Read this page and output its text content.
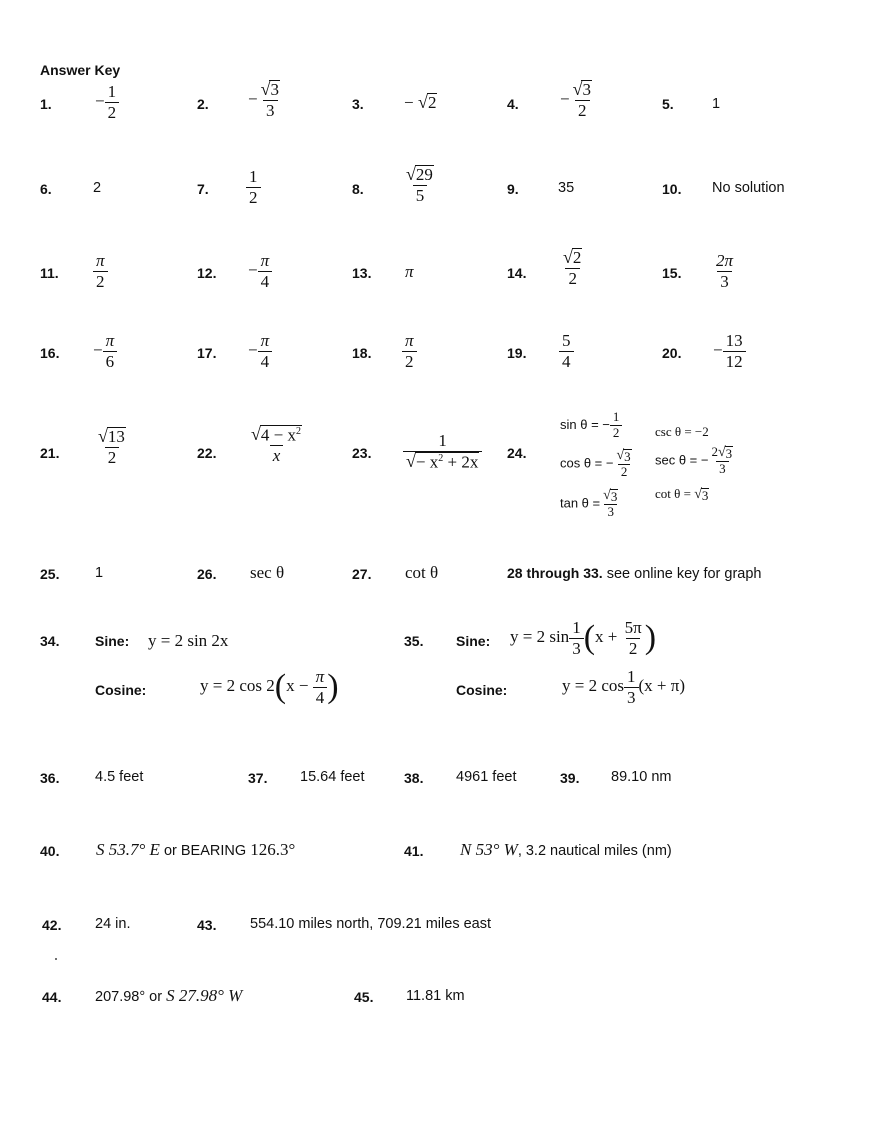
Answer Key
1.	− $\frac{1}{2}$	2. − $\frac{√ 3}{3}$	3. − √ 2	4. − $\frac{√ 3}{2}$	5.	1
6.	2	7. $\frac{1}{2}$	8. $\frac{√ 29}{5}$	9.	35	10. No solution
11. $\frac{\pi}{2}$	12. − $\frac{\pi}{4}$	13. π	14. $\frac{√ 2}{2}$	15. $\frac{2\pi}{3}$
16. − $\frac{\pi}{6}$	17. − $\frac{\pi}{4}$	18. $\frac{\pi}{2}$	19. $\frac{5}{4}$	20. − $\frac{13}{12}$
21. $\frac{√ 13}{2}$	22. $\frac{√ 4 - x^2}{x}$	23. $\frac{1}{√ - x^2 + 2x} 24$.
sin θ = − $\frac{1}{2}$
cos θ = − $\frac{√ 3}{2}$
$\tan \theta = \frac{√ 3}{3}$
csc θ = −2
sec θ = − $\frac{2 √ 3}{3}$
cot θ = √ 3
25. 1	26. sec θ	27. cot θ	28 through 33. see online key for graph
34.	Sine: y = 2 sin 2x
Cosine:	y = 2 $\cos 2(x - \frac{\pi}{4}$ )
35. Sine: y = 2 $\sin \frac{1}{3} (x + \frac{5\pi}{2}$ )
Cosine:	y = 2 $\cos \frac{1}{3} (x + \pi)$
36. 4.5 feet	37. 15.64 feet	38. 4961 feet	39. 89.10 nm
40. S 53.7° E or BEARING 126.3°	41. N 53° W, 3.2 nautical miles (nm)
42. 24 in.	43. 554.10 miles north, 709.21 miles east
44. 207.98° or S 27.98° W	45. 11.81 km
